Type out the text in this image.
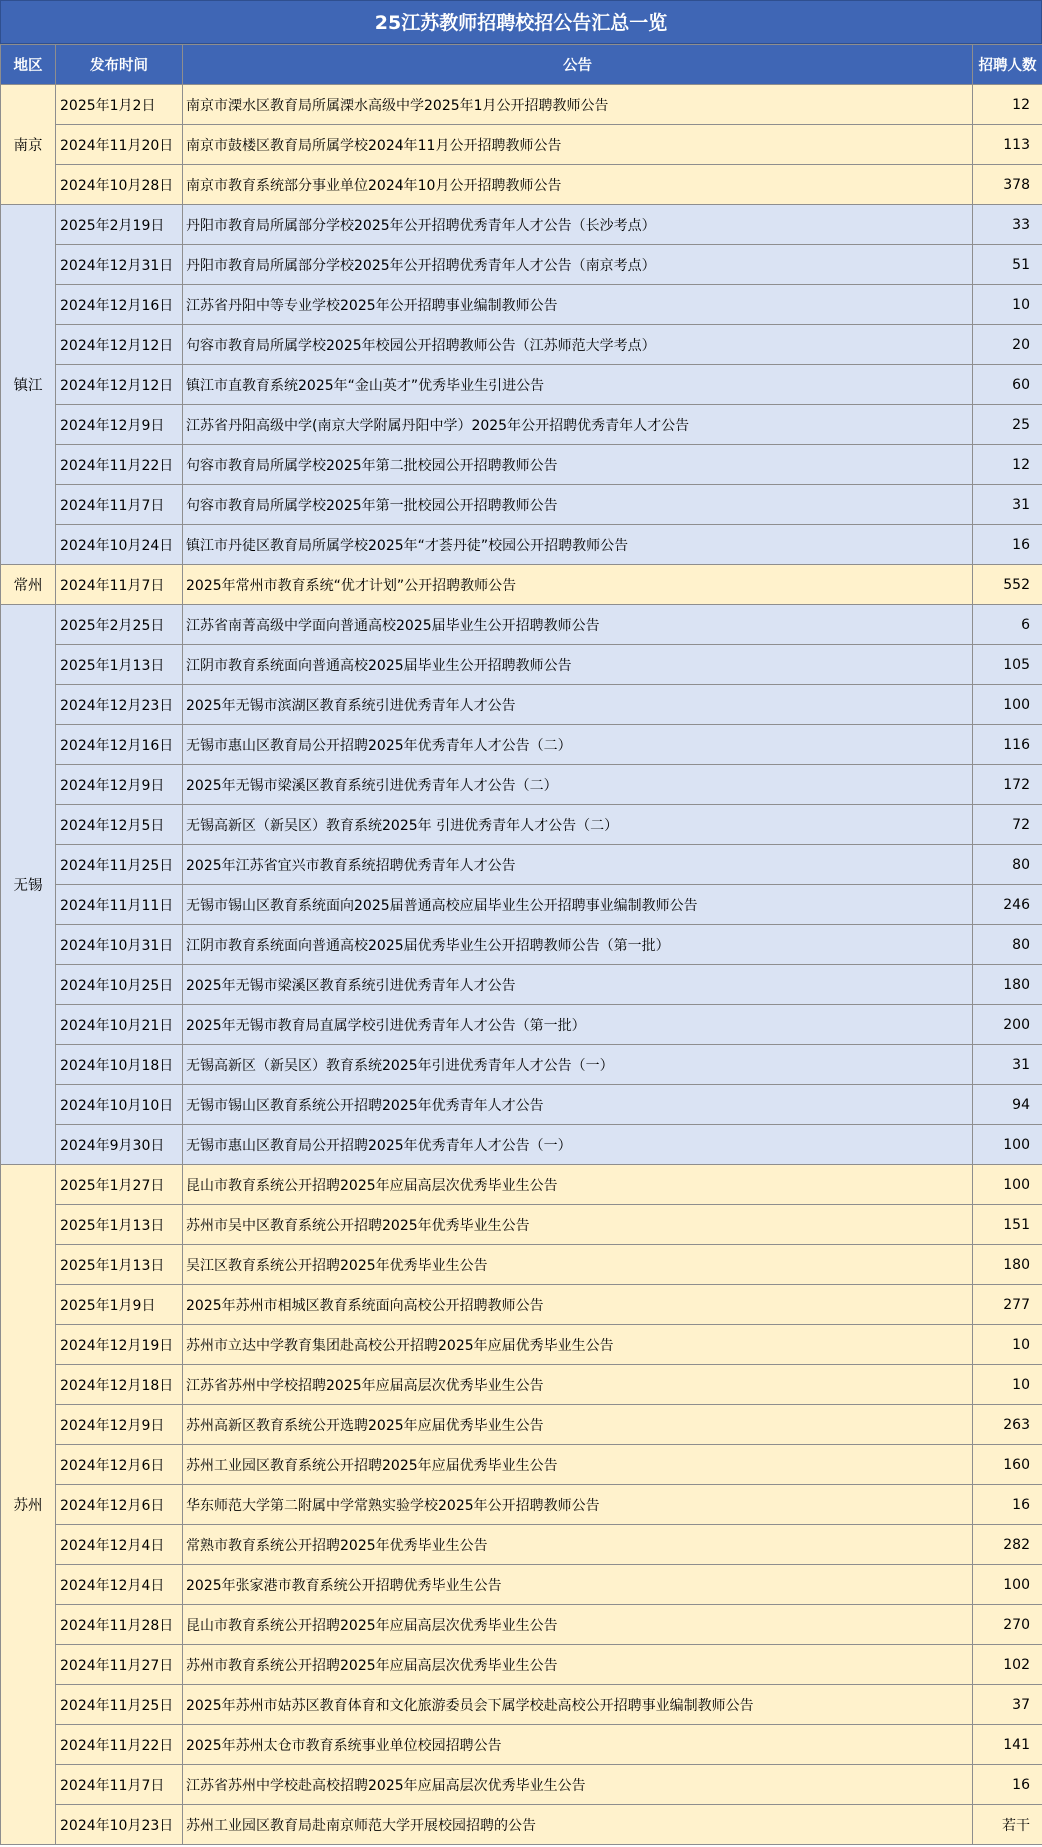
25江苏教师招聘校招公告汇总一览
地区	发布时间	公告	招聘人数
南京	2025年1月2日	南京市溧水区教育局所属溧水高级中学2025年1月公开招聘教师公告	12
	2024年11月20日	南京市鼓楼区教育局所属学校2024年11月公开招聘教师公告	113
	2024年10月28日	南京市教育系统部分事业单位2024年10月公开招聘教师公告	378
镇江	2025年2月19日	丹阳市教育局所属部分学校2025年公开招聘优秀青年人才公告（长沙考点）	33
	2024年12月31日	丹阳市教育局所属部分学校2025年公开招聘优秀青年人才公告（南京考点）	51
	2024年12月16日	江苏省丹阳中等专业学校2025年公开招聘事业编制教师公告	10
	2024年12月12日	句容市教育局所属学校2025年校园公开招聘教师公告（江苏师范大学考点）	20
	2024年12月12日	镇江市直教育系统2025年“金山英才”优秀毕业生引进公告	60
	2024年12月9日	江苏省丹阳高级中学(南京大学附属丹阳中学）2025年公开招聘优秀青年人才公告	25
	2024年11月22日	句容市教育局所属学校2025年第二批校园公开招聘教师公告	12
	2024年11月7日	句容市教育局所属学校2025年第一批校园公开招聘教师公告	31
	2024年10月24日	镇江市丹徒区教育局所属学校2025年“才荟丹徒”校园公开招聘教师公告	16
常州	2024年11月7日	2025年常州市教育系统“优才计划”公开招聘教师公告	552
无锡	2025年2月25日	江苏省南菁高级中学面向普通高校2025届毕业生公开招聘教师公告	6
	2025年1月13日	江阴市教育系统面向普通高校2025届毕业生公开招聘教师公告	105
	2024年12月23日	2025年无锡市滨湖区教育系统引进优秀青年人才公告	100
	2024年12月16日	无锡市惠山区教育局公开招聘2025年优秀青年人才公告（二）	116
	2024年12月9日	2025年无锡市梁溪区教育系统引进优秀青年人才公告（二）	172
	2024年12月5日	无锡高新区（新吴区）教育系统2025年 引进优秀青年人才公告（二）	72
	2024年11月25日	2025年江苏省宜兴市教育系统招聘优秀青年人才公告	80
	2024年11月11日	无锡市锡山区教育系统面向2025届普通高校应届毕业生公开招聘事业编制教师公告	246
	2024年10月31日	江阴市教育系统面向普通高校2025届优秀毕业生公开招聘教师公告（第一批）	80
	2024年10月25日	2025年无锡市梁溪区教育系统引进优秀青年人才公告	180
	2024年10月21日	2025年无锡市教育局直属学校引进优秀青年人才公告（第一批）	200
	2024年10月18日	无锡高新区（新吴区）教育系统2025年引进优秀青年人才公告（一）	31
	2024年10月10日	无锡市锡山区教育系统公开招聘2025年优秀青年人才公告	94
	2024年9月30日	无锡市惠山区教育局公开招聘2025年优秀青年人才公告（一）	100
苏州	2025年1月27日	昆山市教育系统公开招聘2025年应届高层次优秀毕业生公告	100
	2025年1月13日	苏州市吴中区教育系统公开招聘2025年优秀毕业生公告	151
	2025年1月13日	吴江区教育系统公开招聘2025年优秀毕业生公告	180
	2025年1月9日	2025年苏州市相城区教育系统面向高校公开招聘教师公告	277
	2024年12月19日	苏州市立达中学教育集团赴高校公开招聘2025年应届优秀毕业生公告	10
	2024年12月18日	江苏省苏州中学校招聘2025年应届高层次优秀毕业生公告	10
	2024年12月9日	苏州高新区教育系统公开选聘2025年应届优秀毕业生公告	263
	2024年12月6日	苏州工业园区教育系统公开招聘2025年应届优秀毕业生公告	160
	2024年12月6日	华东师范大学第二附属中学常熟实验学校2025年公开招聘教师公告	16
	2024年12月4日	常熟市教育系统公开招聘2025年优秀毕业生公告	282
	2024年12月4日	2025年张家港市教育系统公开招聘优秀毕业生公告	100
	2024年11月28日	昆山市教育系统公开招聘2025年应届高层次优秀毕业生公告	270
	2024年11月27日	苏州市教育系统公开招聘2025年应届高层次优秀毕业生公告	102
	2024年11月25日	2025年苏州市姑苏区教育体育和文化旅游委员会下属学校赴高校公开招聘事业编制教师公告	37
	2024年11月22日	2025年苏州太仓市教育系统事业单位校园招聘公告	141
	2024年11月7日	江苏省苏州中学校赴高校招聘2025年应届高层次优秀毕业生公告	16
	2024年10月23日	苏州工业园区教育局赴南京师范大学开展校园招聘的公告	若干
